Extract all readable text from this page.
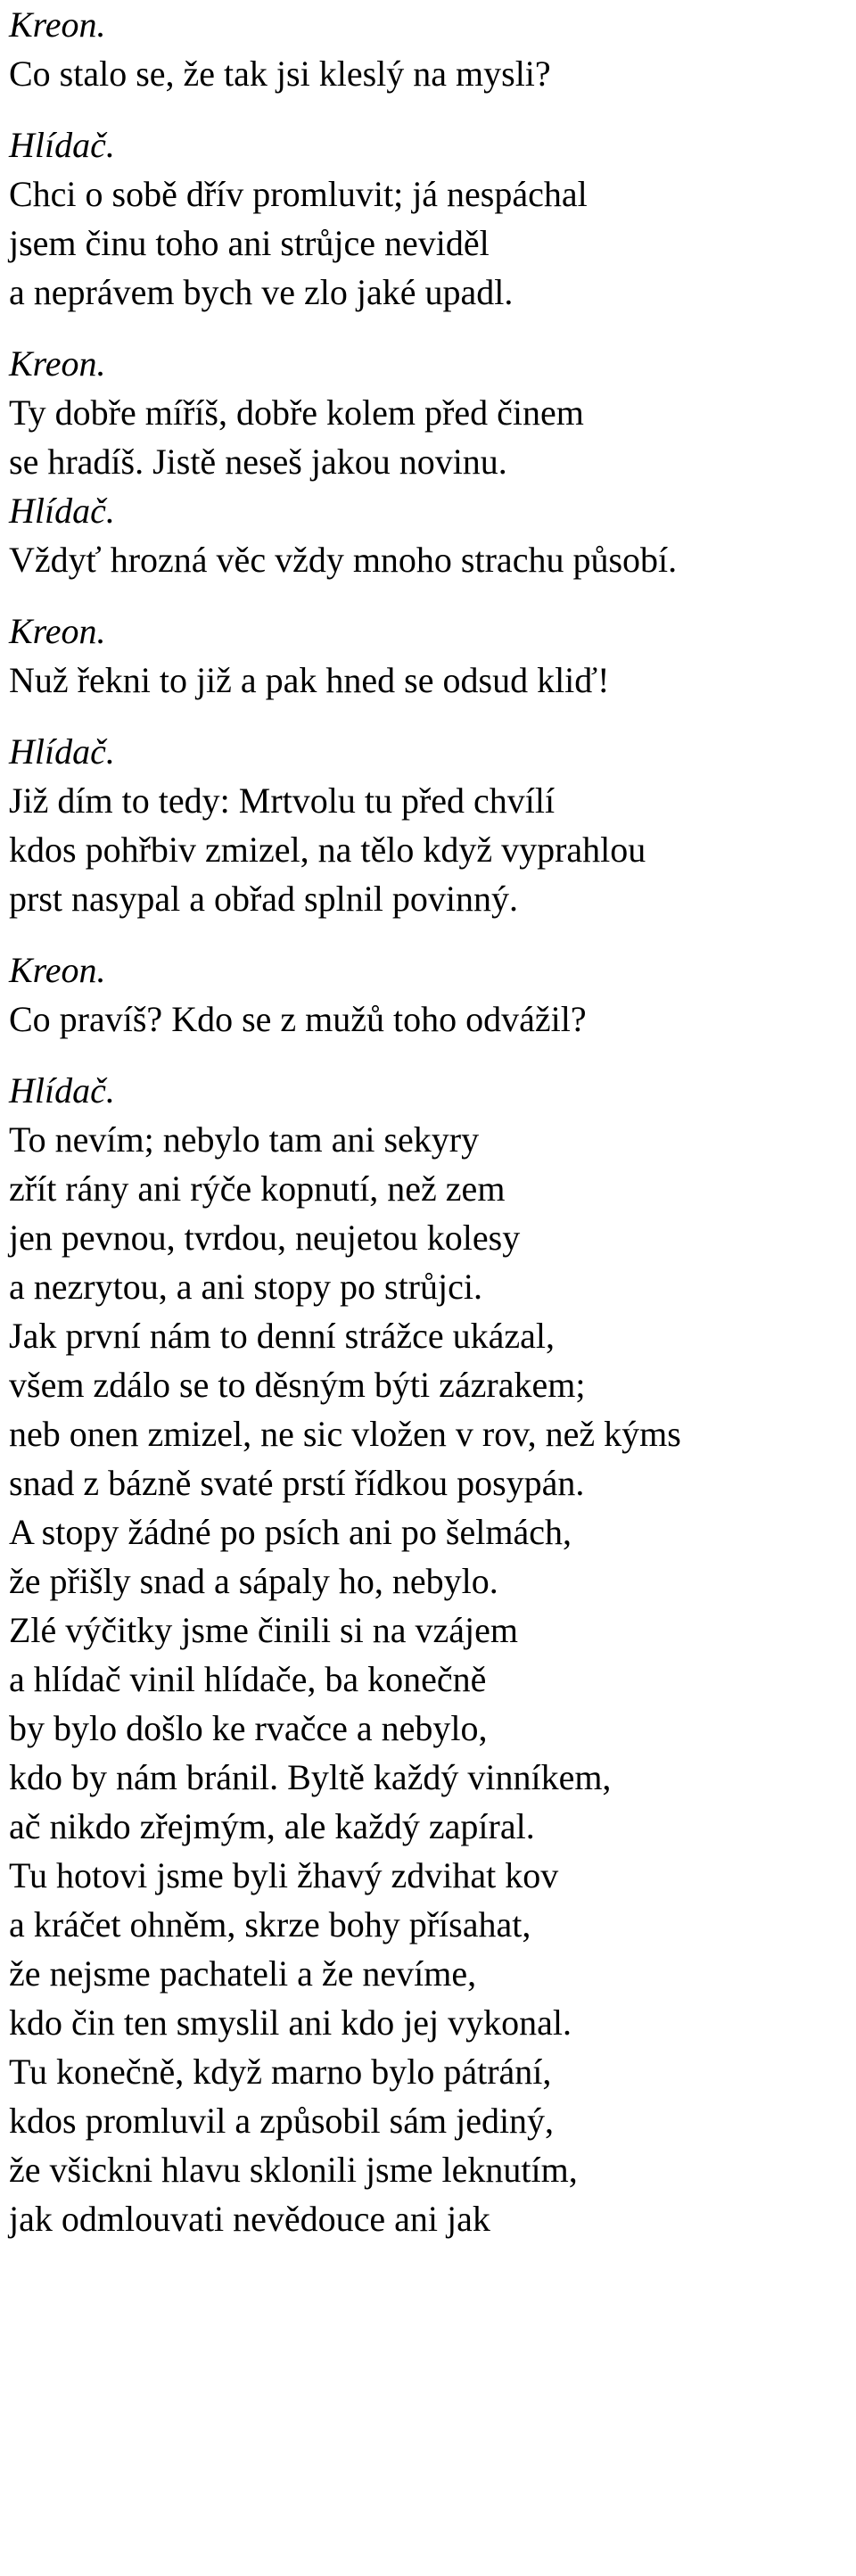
Kreon.
Co stalo se, že tak jsi kleslý na mysli?
Hlídač.
Chci o sobě dřív promluvit; já nespáchal
jsem činu toho ani strůjce neviděl
a neprávem bych ve zlo jaké upadl.
Kreon.
Ty dobře míříš, dobře kolem před činem
se hradíš. Jistě neseš jakou novinu.
Hlídač.
Vždyť hrozná věc vždy mnoho strachu působí.
Kreon.
Nuž řekni to již a pak hned se odsud kliď!
Hlídač.
Již dím to tedy: Mrtvolu tu před chvílí
kdos pohřbiv zmizel, na tělo když vyprahlou
prst nasypal a obřad splnil povinný.
Kreon.
Co pravíš? Kdo se z mužů toho odvážil?
Hlídač.
To nevím; nebylo tam ani sekyry
zřít rány ani rýče kopnutí, než zem
jen pevnou, tvrdou, neujetou kolesy
a nezrytou, a ani stopy po strůjci.
Jak první nám to denní strážce ukázal,
všem zdálo se to děsným býti zázrakem;
neb onen zmizel, ne sic vložen v rov, než kýms
snad z bázně svaté prstí řídkou posypán.
A stopy žádné po psích ani po šelmách,
že přišly snad a sápaly ho, nebylo.
Zlé výčitky jsme činili si na vzájem
a hlídač vinil hlídače, ba konečně
by bylo došlo ke rvačce a nebylo,
kdo by nám bránil. Byltě každý vinníkem,
ač nikdo zřejmým, ale každý zapíral.
Tu hotovi jsme byli žhavý zdvihat kov
a kráčet ohněm, skrze bohy přísahat,
že nejsme pachateli a že nevíme,
kdo čin ten smyslil ani kdo jej vykonal.
Tu konečně, když marno bylo pátrání,
kdos promluvil a způsobil sám jediný,
že všickni hlavu sklonili jsme leknutím,
jak odmlouvati nevědouce ani jak
